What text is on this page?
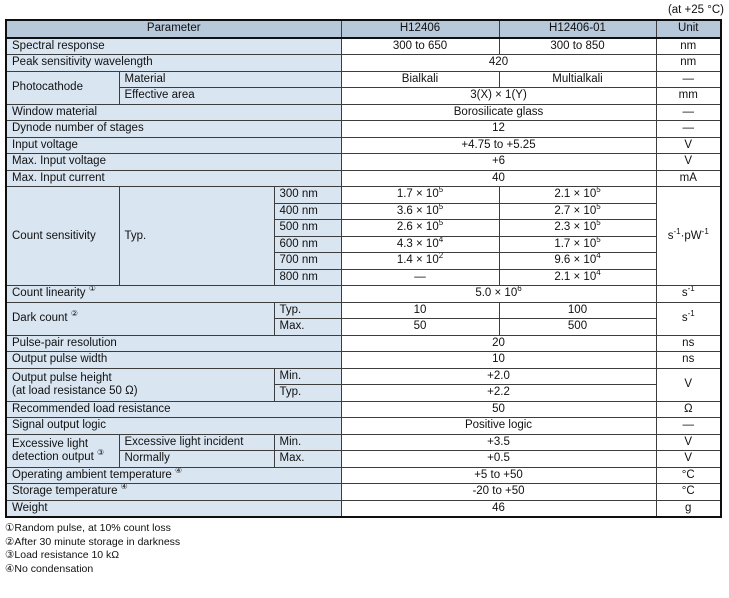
(at +25 °C)
Parameter			H12406	H12406-01	Unit
Spectral response			300 to 650	300 to 850	nm
Peak sensitivity wavelength			420		nm
Photocathode	Material		Bialkali	Multialkali	—
	Effective area		3(X) × 1(Y)		mm
Window material			Borosilicate glass		—
Dynode number of stages			12		—
Input voltage			+4.75 to +5.25		V
Max. Input voltage			+6		V
Max. Input current			40		mA
Count sensitivity	Typ.	300 nm	$1.7 \times 10^5$	$2.1 \times 10^5$	$s^{-1}\cdot pW^{-1}$
		400 nm	$3.6 \times 10^5$	$2.7 \times 10^5$
		500 nm	$2.6 \times 10^5$	$2.3 \times 10^5$
		600 nm	$4.3 \times 10^4$	$1.7 \times 10^5$
		700 nm	$1.4 \times 10^2$	$9.6 \times 10^4$
		800 nm	—	$2.1 \times 10^4$
Count linearity ①			$5.0 \times 10^6$		$s^{-1}$
Dark count ②		Typ.	10	100	$s^{-1}$
		Max.	50	500	
Pulse-pair resolution			20		ns
Output pulse width			10		ns
Output pulse height
(at load resistance 50 Ω)		Min.	+2.0		V
		Typ.	+2.2		
Recommended load resistance			50		Ω
Signal output logic			Positive logic		—
Excessive light
detection output ③	Excessive light incident	Min.	+3.5		V
	Normally	Max.	+0.5		V
Operating ambient temperature ④			+5 to +50		°C
Storage temperature ④			-20 to +50		°C
Weight			46		g
①Random pulse, at 10% count loss
②After 30 minute storage in darkness
③Load resistance 10 kΩ
④No condensation
